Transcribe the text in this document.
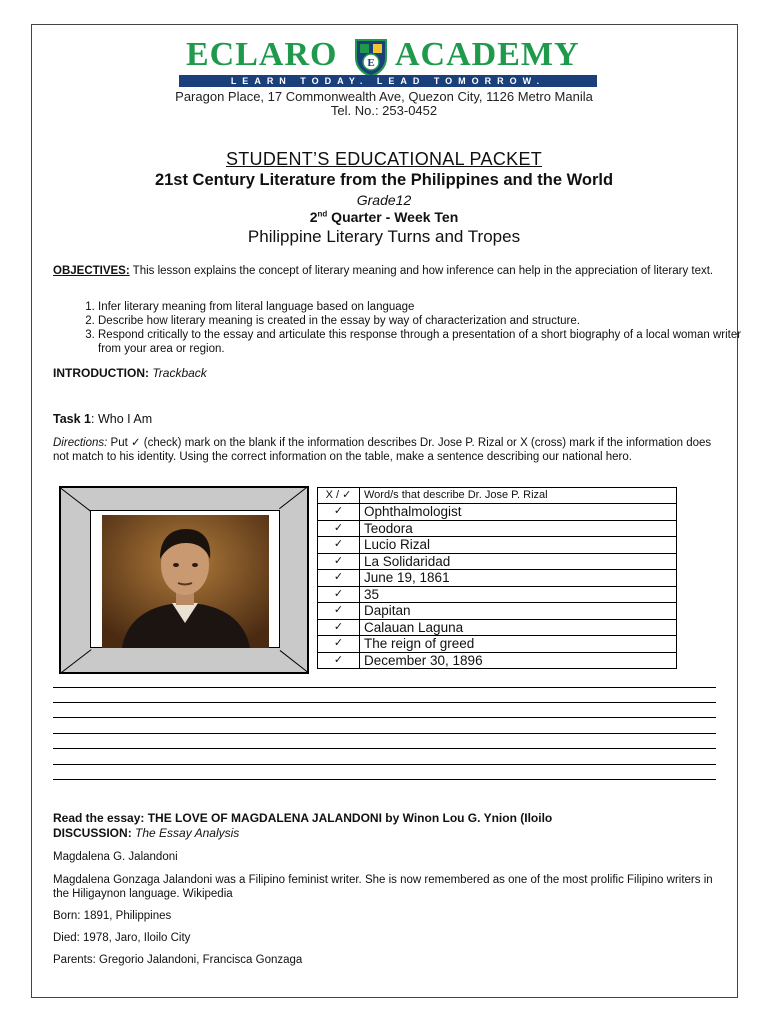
ECLARO	E ACADEMY
LEARN TODAY. LEAD TOMORROW.
Paragon Place, 17 Commonwealth Ave, Quezon City, 1126 Metro Manila
Tel. No.: 253-0452
STUDENT’S EDUCATIONAL PACKET
21st Century Literature from the Philippines and the World
Grade12
2nd Quarter - Week Ten
Philippine Literary Turns and Tropes
OBJECTIVES: This lesson explains the concept of literary meaning and how inference can help in the appreciation of literary text.
1. Infer literary meaning from literal language based on language
2. Describe how literary meaning is created in the essay by way of characterization and structure.
3. Respond critically to the essay and articulate this response through a presentation of a short biography of a local woman writer from your area or region.
INTRODUCTION: Trackback
Task 1: Who I Am
Directions: Put ✓ (check) mark on the blank if the information describes Dr. Jose P. Rizal or X (cross) mark if the information does not match to his identity. Using the correct information on the table, make a sentence describing our national hero.
X / ✓	Word/s that describe Dr. Jose P. Rizal
✓	Ophthalmologist
✓	Teodora
✓	Lucio Rizal
✓	La Solidaridad
✓	June 19, 1861
✓	35
✓	Dapitan
✓	Calauan Laguna
✓	The reign of greed
✓	December 30, 1896
Read the essay: THE LOVE OF MAGDALENA JALANDONI by Winon Lou G. Ynion (Iloilo
DISCUSSION: The Essay Analysis
Magdalena G. Jalandoni
Magdalena Gonzaga Jalandoni was a Filipino feminist writer. She is now remembered as one of the most prolific Filipino writers in the Hiligaynon language. Wikipedia
Born: 1891, Philippines
Died: 1978, Jaro, Iloilo City
Parents: Gregorio Jalandoni, Francisca Gonzaga
